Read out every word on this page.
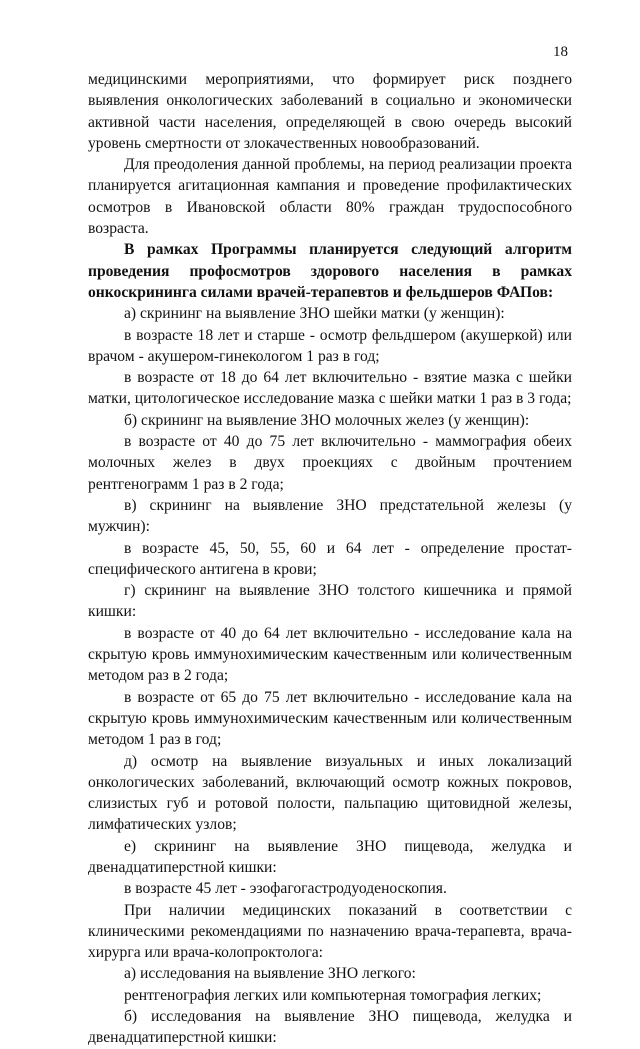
18

медицинскими мероприятиями, что формирует риск позднего выявления онкологических заболеваний в социально и экономически активной части населения, определяющей в свою очередь высокий уровень смертности от злокачественных новообразований.

Для преодоления данной проблемы, на период реализации проекта планируется агитационная кампания и проведение профилактических осмотров в Ивановской области 80% граждан трудоспособного возраста.

В рамках Программы планируется следующий алгоритм проведения профосмотров здорового населения в рамках онкоскрининга силами врачей-терапевтов и фельдшеров ФАПов:

а) скрининг на выявление ЗНО шейки матки (у женщин):

в возрасте 18 лет и старше - осмотр фельдшером (акушеркой) или врачом - акушером-гинекологом 1 раз в год;

в возрасте от 18 до 64 лет включительно - взятие мазка с шейки матки, цитологическое исследование мазка с шейки матки 1 раз в 3 года;

б) скрининг на выявление ЗНО молочных желез (у женщин):

в возрасте от 40 до 75 лет включительно - маммография обеих молочных желез в двух проекциях с двойным прочтением рентгенограмм 1 раз в 2 года;

в) скрининг на выявление ЗНО предстательной железы (у мужчин):

в возрасте 45, 50, 55, 60 и 64 лет - определение простат-специфического антигена в крови;

г) скрининг на выявление ЗНО толстого кишечника и прямой кишки:

в возрасте от 40 до 64 лет включительно - исследование кала на скрытую кровь иммунохимическим качественным или количественным методом раз в 2 года;

в возрасте от 65 до 75 лет включительно - исследование кала на скрытую кровь иммунохимическим качественным или количественным методом 1 раз в год;

д) осмотр на выявление визуальных и иных локализаций онкологических заболеваний, включающий осмотр кожных покровов, слизистых губ и ротовой полости, пальпацию щитовидной железы, лимфатических узлов;

е) скрининг на выявление ЗНО пищевода, желудка и двенадцатиперстной кишки:

в возрасте 45 лет - эзофагогастродуоденоскопия.

При наличии медицинских показаний в соответствии с клиническими рекомендациями по назначению врача-терапевта, врача-хирурга или врача-колопроктолога:

а) исследования на выявление ЗНО легкого:

рентгенография легких или компьютерная томография легких;

б) исследования на выявление ЗНО пищевода, желудка и двенадцатиперстной кишки:
